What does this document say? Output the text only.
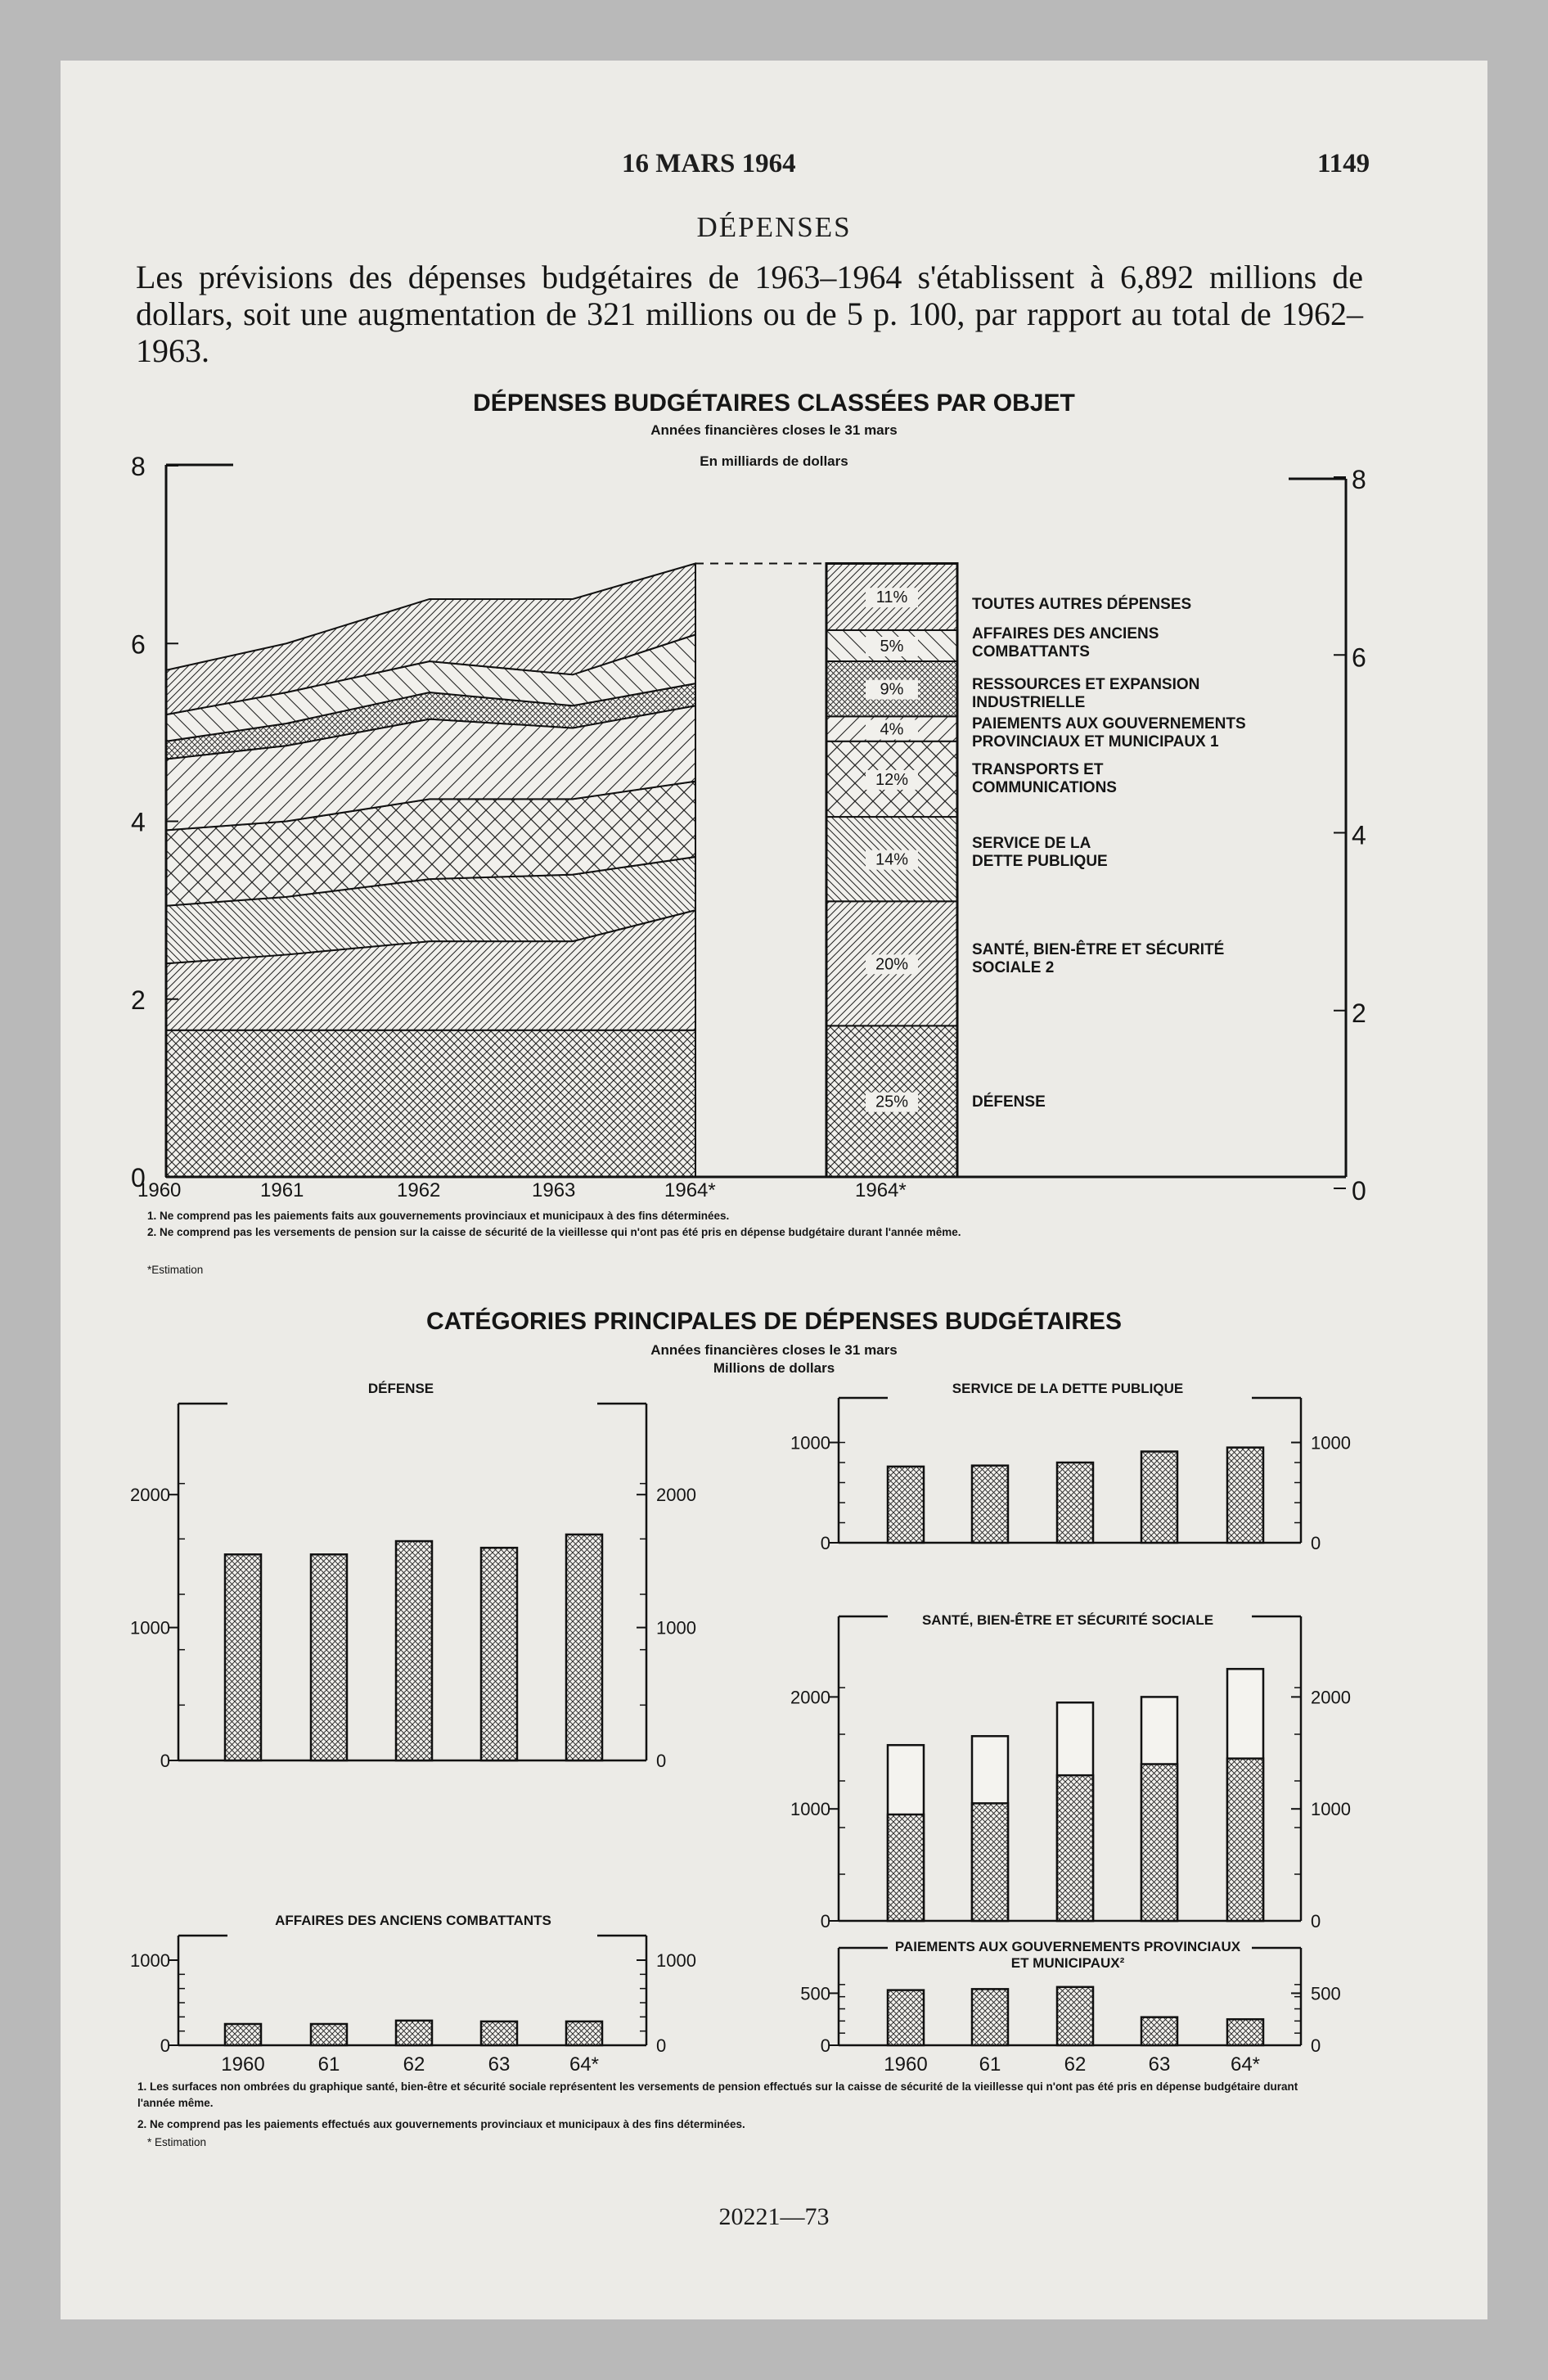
16 MARS 1964	1149
DÉPENSES
Les prévisions des dépenses budgétaires de 1963–1964 s'établissent à 6,892 millions de dollars, soit une augmentation de 321 millions ou de 5 p. 100, par rapport au total de 1962–1963.
DÉPENSES BUDGÉTAIRES CLASSÉES PAR OBJET
Années financières closes le 31 mars
En milliards de dollars
25%
20%
14%
12%
4%
9%
5%
11%	TOUTES AUTRES DÉPENSES
AFFAIRES DES ANCIENS
COMBATTANTS
RESSOURCES ET EXPANSION
INDUSTRIELLE
PAIEMENTS AUX GOUVERNEMENTS
PROVINCIAUX ET MUNICIPAUX 1
TRANSPORTS ET
COMMUNICATIONS
SERVICE DE LA
DETTE PUBLIQUE
SANTÉ, BIEN-ÊTRE ET SÉCURITÉ
SOCIALE 2
DÉFENSE
0	0
2	2
4	4
6	6
8	8
1960	1961	1962	1963	1964*	1964*
DÉFENSE
0
1000
2000
0
1000
2000
AFFAIRES DES ANCIENS COMBATTANTS
0
1000
0
1000
SERVICE DE LA DETTE PUBLIQUE
0
1000
0
1000
SANTÉ, BIEN-ÊTRE ET SÉCURITÉ SOCIALE
0
1000
2000
0
1000
2000
PAIEMENTS AUX GOUVERNEMENTS PROVINCIAUX
ET MUNICIPAUX²
0
500
0
500
1960	61	62	63	64*	1960	61	62	63	64*
1. Ne comprend pas les paiements faits aux gouvernements provinciaux et municipaux à des fins déterminées.
2. Ne comprend pas les versements de pension sur la caisse de sécurité de la vieillesse qui n'ont pas été pris en dépense budgétaire durant l'année même.
*Estimation
CATÉGORIES PRINCIPALES DE DÉPENSES BUDGÉTAIRES
Années financières closes le 31 mars
Millions de dollars
1. Les surfaces non ombrées du graphique santé, bien-être et sécurité sociale représentent les versements de pension effectués sur la caisse de sécurité de la vieillesse qui n'ont pas été pris en dépense budgétaire durant l'année même.
2. Ne comprend pas les paiements effectués aux gouvernements provinciaux et municipaux à des fins déterminées.
* Estimation
20221—73
